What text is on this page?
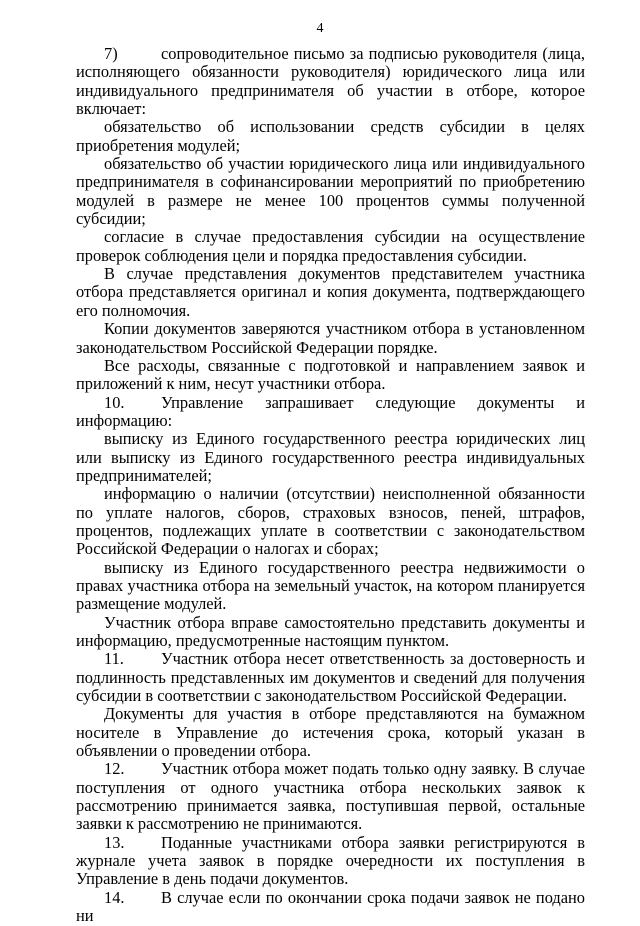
4

7)	сопроводительное письмо за подписью руководителя (лица, исполняющего обязанности руководителя) юридического лица или индивидуального предпринимателя об участии в отборе, которое включает:

обязательство об использовании средств субсидии в целях приобретения модулей;

обязательство об участии юридического лица или индивидуального предпринимателя в софинансировании мероприятий по приобретению модулей в размере не менее 100 процентов суммы полученной субсидии;

согласие в случае предоставления субсидии на осуществление проверок соблюдения цели и порядка предоставления субсидии.

В случае представления документов представителем участника отбора представляется оригинал и копия документа, подтверждающего его полномочия.

Копии документов заверяются участником отбора в установленном законодательством Российской Федерации порядке.

Все расходы, связанные с подготовкой и направлением заявок и приложений к ним, несут участники отбора.

10. Управление запрашивает следующие документы и информацию:

выписку из Единого государственного реестра юридических лиц или выписку из Единого государственного реестра индивидуальных предпринимателей;

информацию о наличии (отсутствии) неисполненной обязанности по уплате налогов, сборов, страховых взносов, пеней, штрафов, процентов, подлежащих уплате в соответствии с законодательством Российской Федерации о налогах и сборах;

выписку из Единого государственного реестра недвижимости о правах участника отбора на земельный участок, на котором планируется размещение модулей.

Участник отбора вправе самостоятельно представить документы и информацию, предусмотренные настоящим пунктом.

11. Участник отбора несет ответственность за достоверность и подлинность представленных им документов и сведений для получения субсидии в соответствии с законодательством Российской Федерации.

Документы для участия в отборе представляются на бумажном носителе в Управление до истечения срока, который указан в объявлении о проведении отбора.

12. Участник отбора может подать только одну заявку. В случае поступления от одного участника отбора нескольких заявок к рассмотрению принимается заявка, поступившая первой, остальные заявки к рассмотрению не принимаются.

13. Поданные участниками отбора заявки регистрируются в журнале учета заявок в порядке очередности их поступления в Управление в день подачи документов.

14. В случае если по окончании срока подачи заявок не подано ни
